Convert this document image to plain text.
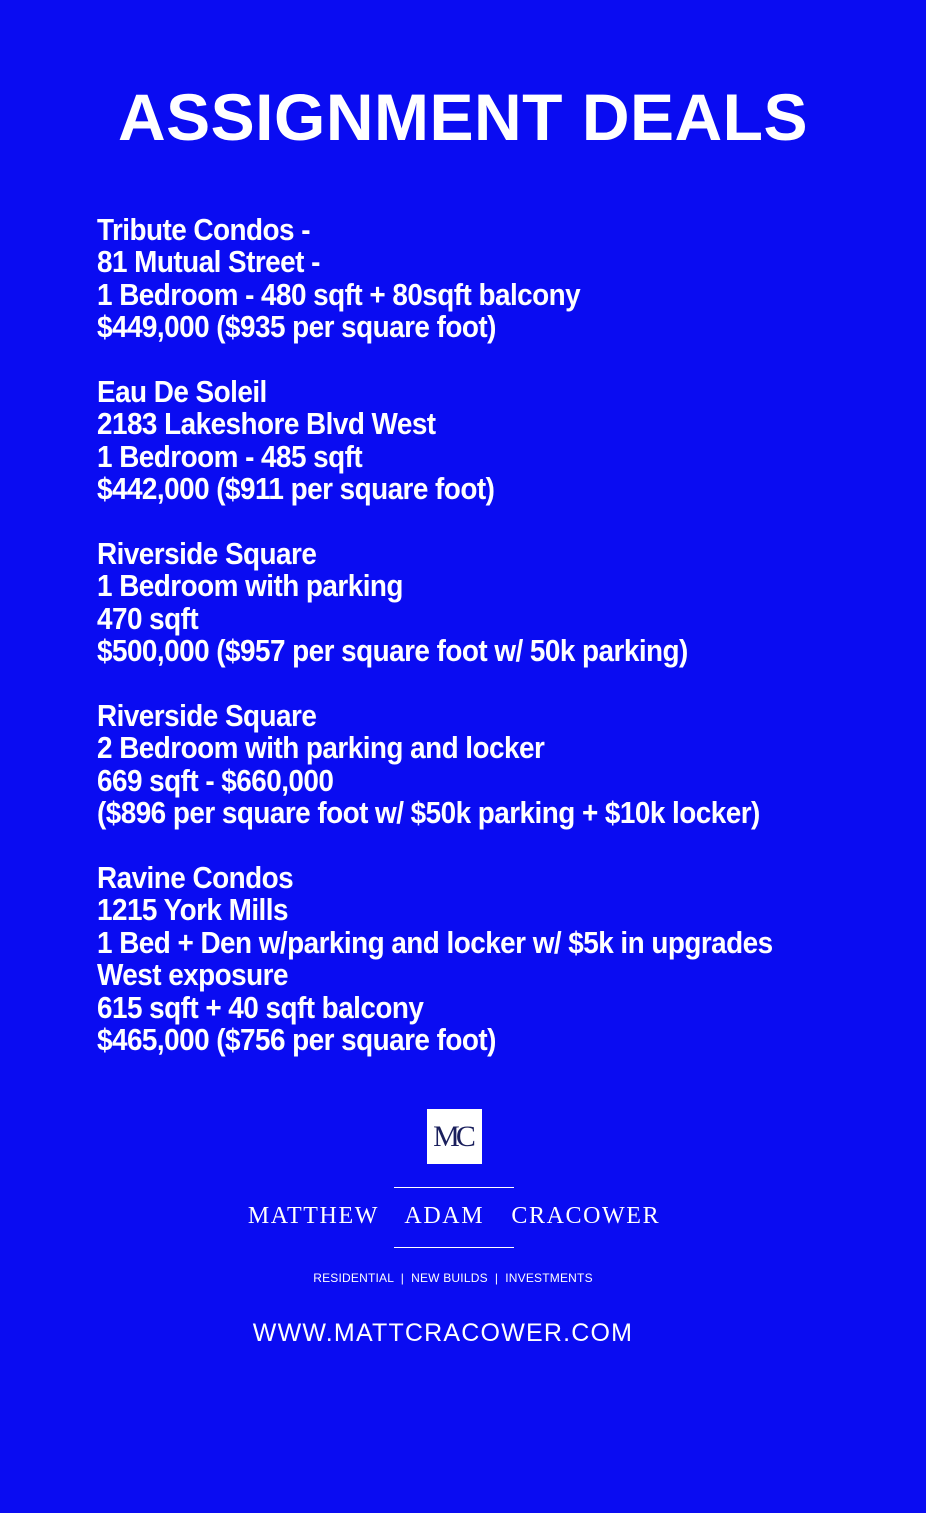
ASSIGNMENT DEALS
Tribute Condos -
81 Mutual Street -
1 Bedroom - 480 sqft + 80sqft balcony
$449,000 ($935 per square foot)
Eau De Soleil
2183 Lakeshore Blvd West
1 Bedroom - 485 sqft
$442,000 ($911 per square foot)
Riverside Square
1 Bedroom with parking
470 sqft
$500,000 ($957 per square foot w/ 50k parking)
Riverside Square
2 Bedroom with parking and locker
669 sqft - $660,000
($896 per square foot w/ $50k parking + $10k locker)
Ravine Condos
1215 York Mills
1 Bed + Den w/parking and locker w/ $5k in upgrades
West exposure
615 sqft + 40 sqft balcony
$465,000 ($756 per square foot)
MC
MATTHEW  ADAM  CRACOWER
RESIDENTIAL  |  NEW BUILDS  |  INVESTMENTS
WWW.MATTCRACOWER.COM
